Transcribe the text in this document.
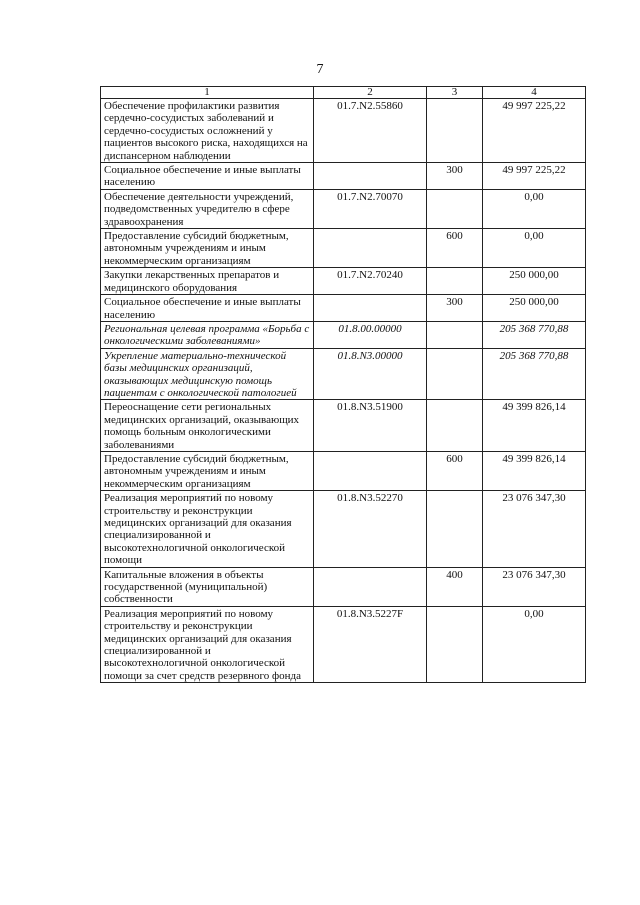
7
1	2	3	4
Обеспечение профилактики развития сердечно-сосудистых заболеваний и сердечно-сосудистых осложнений у пациентов высокого риска, находящихся на диспансерном наблюдении	01.7.N2.55860		49 997 225,22
Социальное обеспечение и иные выплаты населению		300	49 997 225,22
Обеспечение деятельности учреждений, подведомственных учредителю в сфере здравоохранения	01.7.N2.70070		0,00
Предоставление субсидий бюджетным, автономным учреждениям и иным некоммерческим организациям		600	0,00
Закупки лекарственных препаратов и медицинского оборудования	01.7.N2.70240		250 000,00
Социальное обеспечение и иные выплаты населению		300	250 000,00
Региональная целевая программа «Борьба с онкологическими заболеваниями»	01.8.00.00000		205 368 770,88
Укрепление материально-технической базы медицинских организаций, оказывающих медицинскую помощь пациентам с онкологической патологией	01.8.N3.00000		205 368 770,88
Переоснащение сети региональных медицинских организаций, оказывающих помощь больным онкологическими заболеваниями	01.8.N3.51900		49 399 826,14
Предоставление субсидий бюджетным, автономным учреждениям и иным некоммерческим организациям		600	49 399 826,14
Реализация мероприятий по новому строительству и реконструкции медицинских организаций для оказания специализированной и высокотехнологичной онкологической помощи	01.8.N3.52270		23 076 347,30
Капитальные вложения в объекты государственной (муниципальной) собственности		400	23 076 347,30
Реализация мероприятий по новому строительству и реконструкции медицинских организаций для оказания специализированной и высокотехнологичной онкологической помощи за счет средств резервного фонда	01.8.N3.5227F		0,00
